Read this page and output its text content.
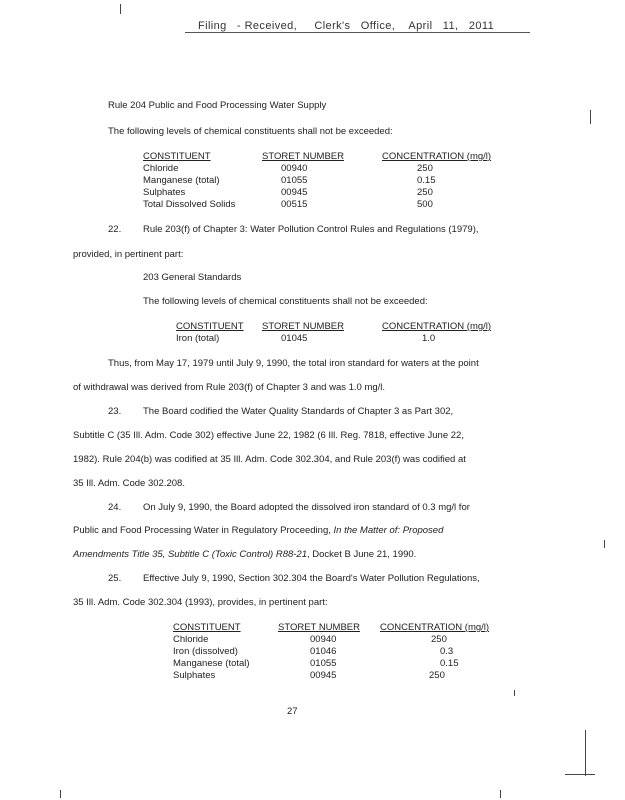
Filing   - Received,     Clerk's   Office,    April   11,   2011
Rule 204 Public and Food Processing Water Supply
The following levels of chemical constituents shall not be exceeded:
CONSTITUENT	STORET NUMBER	CONCENTRATION (mg/l)
Chloride	00940	250
Manganese (total)	01055	0.15
Sulphates	00945	250
Total Dissolved Solids	00515	500
22. Rule 203(f) of Chapter 3: Water Pollution Control Rules and Regulations (1979),
provided, in pertinent part:
203 General Standards
The following levels of chemical constituents shall not be exceeded:
CONSTITUENT STORET NUMBER	CONCENTRATION (mg/l)
Iron (total)	01045	1.0
Thus, from May 17, 1979 until July 9, 1990, the total iron standard for waters at the point
of withdrawal was derived from Rule 203(f) of Chapter 3 and was 1.0 mg/l.
23. The Board codified the Water Quality Standards of Chapter 3 as Part 302,
Subtitle C (35 Ill. Adm. Code 302) effective June 22, 1982 (6 Ill. Reg. 7818, effective June 22,
1982). Rule 204(b) was codified at 35 Ill. Adm. Code 302.304, and Rule 203(f) was codified at
35 Ill. Adm. Code 302.208.
24. On July 9, 1990, the Board adopted the dissolved iron standard of 0.3 mg/l for
Public and Food Processing Water in Regulatory Proceeding, In the Matter of: Proposed
Amendments Title 35, Subtitle C (Toxic Control) R88-21, Docket B June 21, 1990.
25. Effective July 9, 1990, Section 302.304 the Board's Water Pollution Regulations,
35 Ill. Adm. Code 302.304 (1993), provides, in pertinent part:
CONSTITUENT	STORET NUMBER CONCENTRATION (mg/l)
Chloride	00940	250
Iron (dissolved)	01046	0.3
Manganese (total)	01055	0.15
Sulphates	00945	250
27
